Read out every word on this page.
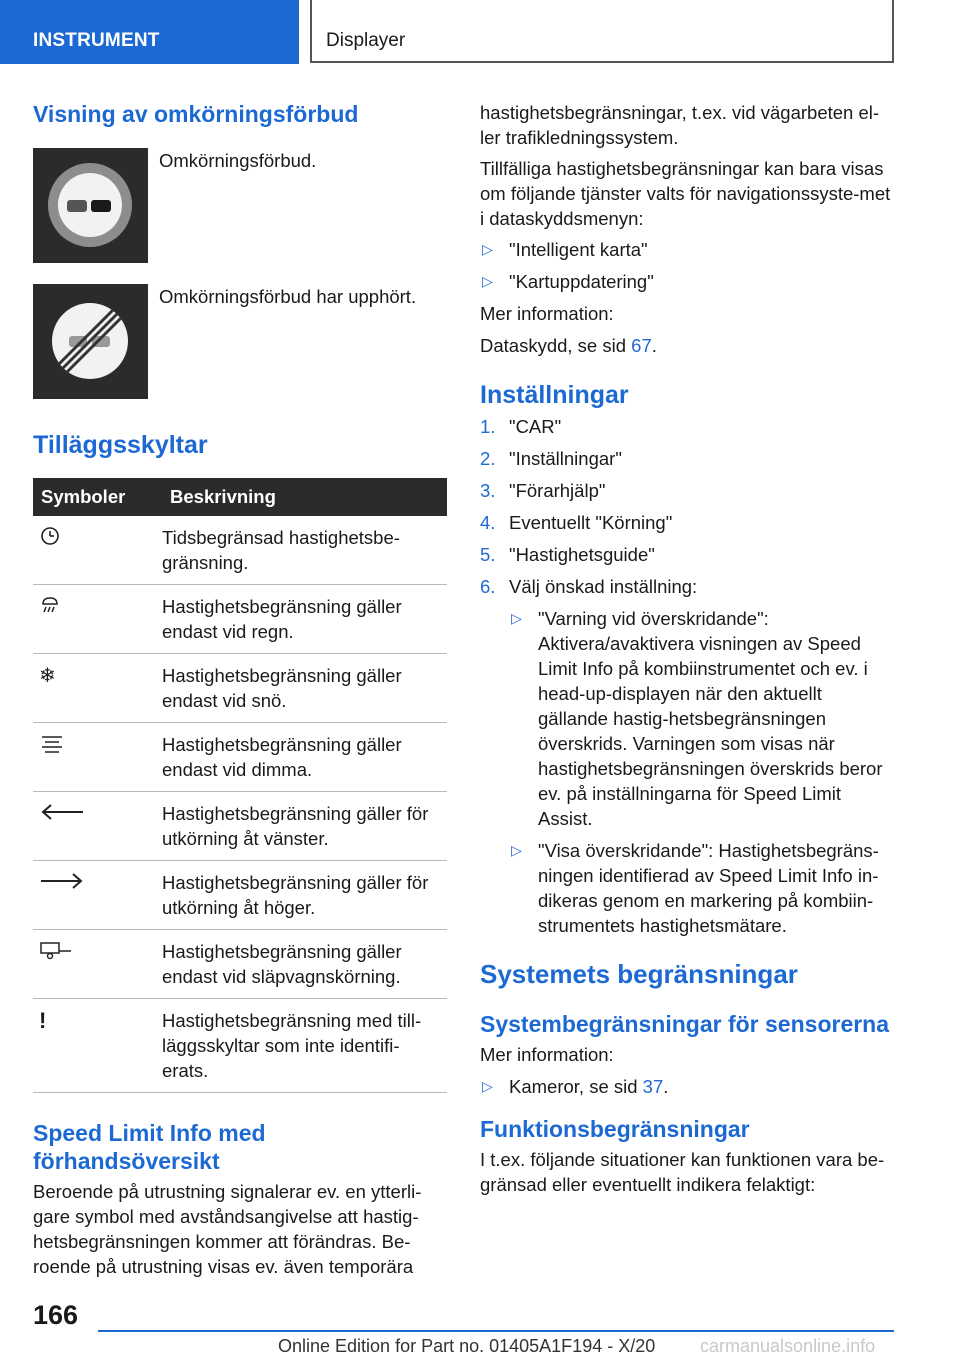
INSTRUMENT	Displayer
Visning av omkörningsförbud
Omkörningsförbud.
Omkörningsförbud har upphört.
Tilläggsskyltar
Symboler	Beskrivning
	Tidsbegränsad hastighetsbe-gränsning.
	Hastighetsbegränsning gäller endast vid regn.
❄	Hastighetsbegränsning gäller endast vid snö.
	Hastighetsbegränsning gäller endast vid dimma.
	Hastighetsbegränsning gäller för utkörning åt vänster.
	Hastighetsbegränsning gäller för utkörning åt höger.
	Hastighetsbegränsning gäller endast vid släpvagnskörning.
!	Hastighetsbegränsning med till-läggsskyltar som inte identifi-erats.
Speed Limit Info med förhandsöversikt

Beroende på utrustning signalerar ev. en ytterli-gare symbol med avståndsangivelse att hastig-hetsbegränsningen kommer att förändras. Be-roende på utrustning visas ev. även temporära

hastighetsbegränsningar, t.ex. vid vägarbeten el-ler trafikledningssystem.

Tillfälliga hastighetsbegränsningar kan bara visas om följande tjänster valts för navigationssyste-met i dataskyddsmenyn:

▷ "Intelligent karta"
▷ "Kartuppdatering"

Mer information:

Dataskydd, se sid 67.

Inställningar
1. "CAR"
2. "Inställningar"
3. "Förarhjälp"
4. Eventuellt "Körning"
5. "Hastighetsguide"
6. Välj önskad inställning:
▷ "Varning vid överskridande": Aktivera/avaktivera visningen av Speed Limit Info på kombiinstrumentet och ev. i head-up-displayen när den aktuellt gällande hastig-hetsbegränsningen överskrids. Varningen som visas när hastighetsbegränsningen överskrids beror ev. på inställningarna för Speed Limit Assist.
▷ "Visa överskridande": Hastighetsbegräns-ningen identifierad av Speed Limit Info in-dikeras genom en markering på kombiin-strumentets hastighetsmätare.
Systemets begränsningar
Systembegränsningar för sensorerna

Mer information:

▷ Kameror, se sid 37.
Funktionsbegränsningar

I t.ex. följande situationer kan funktionen vara be-gränsad eller eventuellt indikera felaktigt:

166
Online Edition for Part no. 01405A1F194 - X/20 carmanualsonline.info
